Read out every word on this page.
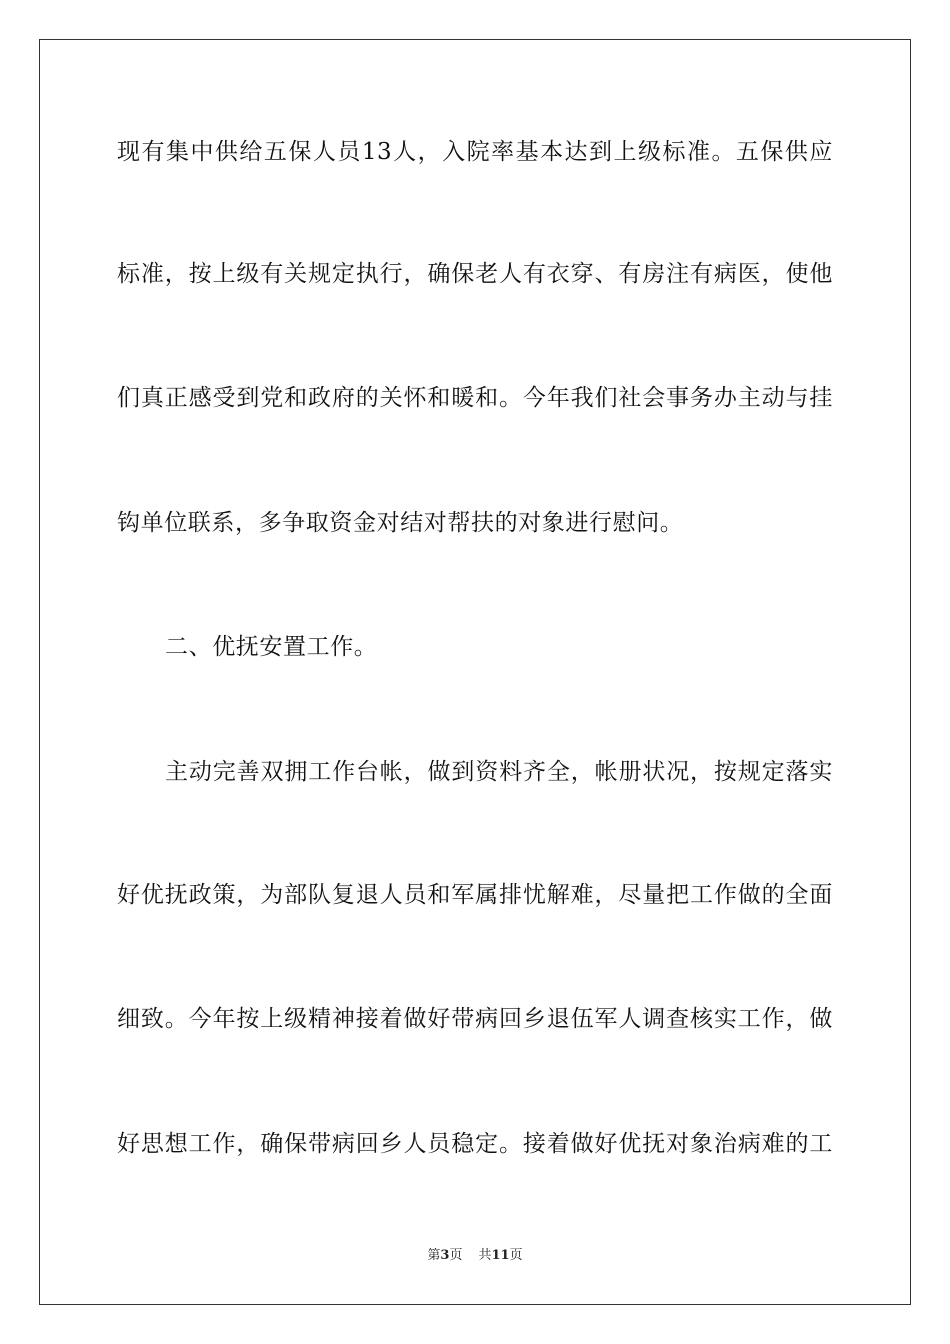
现有集中供给五保人员13人，入院率基本达到上级标准。五保供应
标准，按上级有关规定执行，确保老人有衣穿、有房注有病医，使他
们真正感受到党和政府的关怀和暖和。今年我们社会事务办主动与挂
钩单位联系，多争取资金对结对帮扶的对象进行慰问。
二、优抚安置工作。
主动完善双拥工作台帐，做到资料齐全，帐册状况，按规定落实
好优抚政策，为部队复退人员和军属排忧解难，尽量把工作做的全面
细致。今年按上级精神接着做好带病回乡退伍军人调查核实工作，做
好思想工作，确保带病回乡人员稳定。接着做好优抚对象治病难的工
第3页 共11页
